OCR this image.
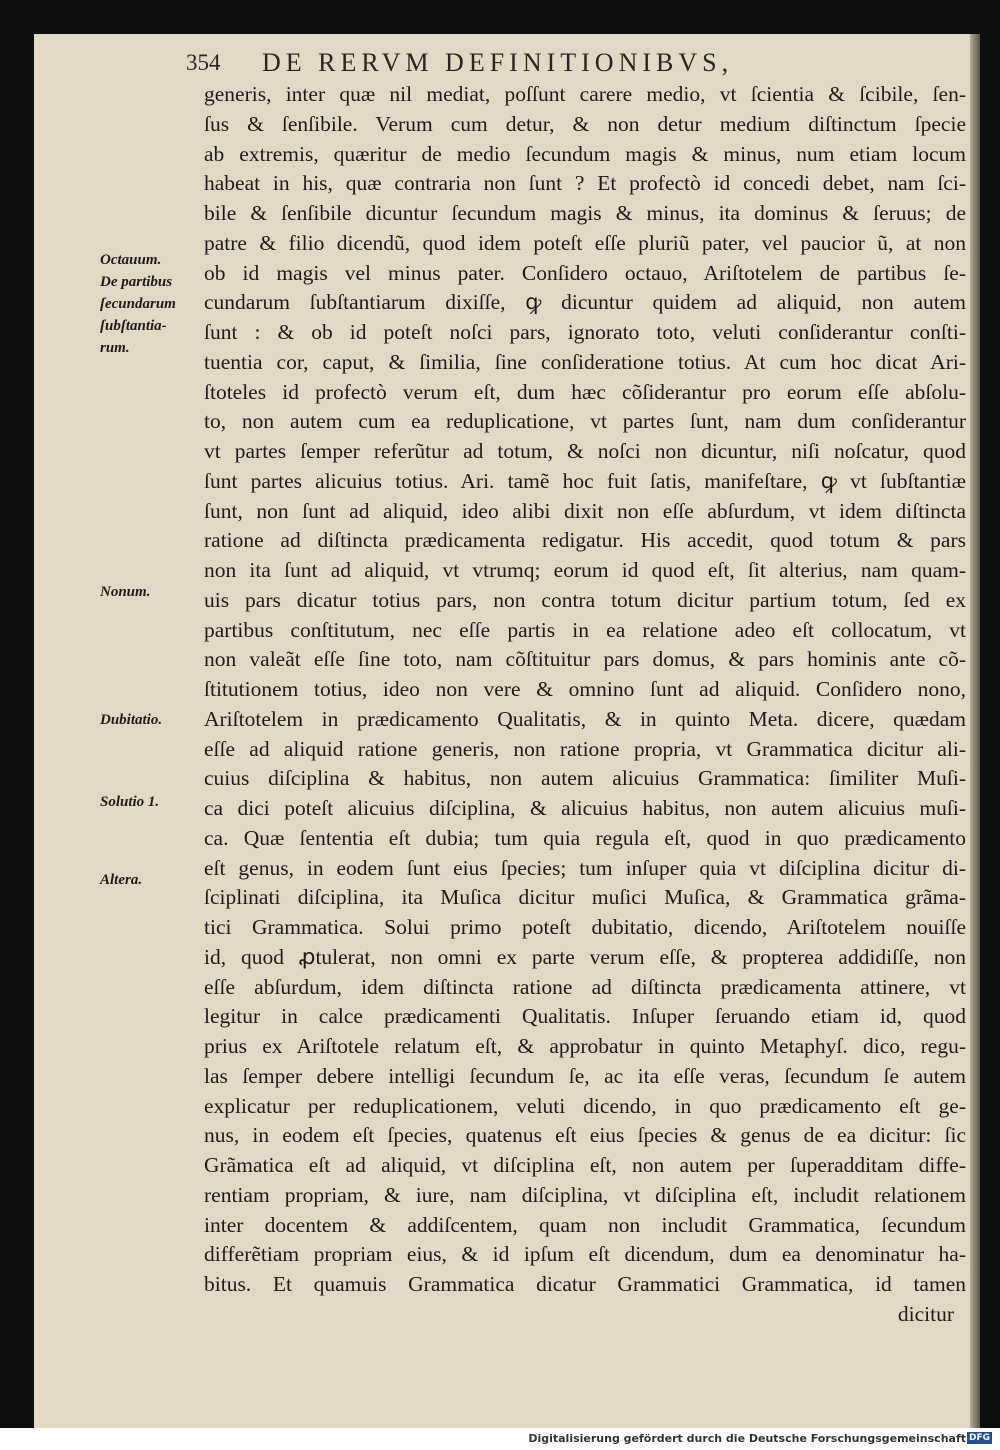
354 DE RERVM DEFINITIONIBVS,
Octauum.
De partibus
ſecundarum
ſubſtantia-
rum.
Nonum.
Dubitatio.
Solutio 1.
Altera.
generis, inter quæ nil mediat, poſſunt carere medio, vt ſcientia & ſcibile, ſen-
ſus & ſenſibile. Verum cum detur, & non detur medium diſtinctum ſpecie
ab extremis, quæritur de medio ſecundum magis & minus, num etiam locum
habeat in his, quæ contraria non ſunt ? Et profectò id concedi debet, nam ſci-
bile & ſenſibile dicuntur ſecundum magis & minus, ita dominus & ſeruus; de
patre & filio dicendũ, quod idem poteſt eſſe pluriũ pater, vel paucior ũ, at non
ob id magis vel minus pater. Conſidero octauo, Ariſtotelem de partibus ſe-
cundarum ſubſtantiarum dixiſſe, ꝙ dicuntur quidem ad aliquid, non autem
ſunt : & ob id poteſt noſci pars, ignorato toto, veluti conſiderantur conſti-
tuentia cor, caput, & ſimilia, ſine conſideratione totius. At cum hoc dicat Ari-
ſtoteles id profectò verum eſt, dum hæc cõſiderantur pro eorum eſſe abſolu-
to, non autem cum ea reduplicatione, vt partes ſunt, nam dum conſiderantur
vt partes ſemper referũtur ad totum, & noſci non dicuntur, niſi noſcatur, quod
ſunt partes alicuius totius. Ari. tamẽ hoc fuit ſatis, manifeſtare, ꝙ vt ſubſtantiæ
ſunt, non ſunt ad aliquid, ideo alibi dixit non eſſe abſurdum, vt idem diſtincta
ratione ad diſtincta prædicamenta redigatur. His accedit, quod totum & pars
non ita ſunt ad aliquid, vt vtrumq; eorum id quod eſt, ſit alterius, nam quam-
uis pars dicatur totius pars, non contra totum dicitur partium totum, ſed ex
partibus conſtitutum, nec eſſe partis in ea relatione adeo eſt collocatum, vt
non valeãt eſſe ſine toto, nam cõſtituitur pars domus, & pars hominis ante cõ-
ſtitutionem totius, ideo non vere & omnino ſunt ad aliquid. Conſidero nono,
Ariſtotelem in prædicamento Qualitatis, & in quinto Meta. dicere, quædam
eſſe ad aliquid ratione generis, non ratione propria, vt Grammatica dicitur ali-
cuius diſciplina & habitus, non autem alicuius Grammatica: ſimiliter Muſi-
ca dici poteſt alicuius diſciplina, & alicuius habitus, non autem alicuius muſi-
ca. Quæ ſententia eſt dubia; tum quia regula eſt, quod in quo prædicamento
eſt genus, in eodem ſunt eius ſpecies; tum inſuper quia vt diſciplina dicitur di-
ſciplinati diſciplina, ita Muſica dicitur muſici Muſica, & Grammatica grãma-
tici Grammatica. Solui primo poteſt dubitatio, dicendo, Ariſtotelem nouiſſe
id, quod ꝓtulerat, non omni ex parte verum eſſe, & propterea addidiſſe, non
eſſe abſurdum, idem diſtincta ratione ad diſtincta prædicamenta attinere, vt
legitur in calce prædicamenti Qualitatis. Inſuper ſeruando etiam id, quod
prius ex Ariſtotele relatum eſt, & approbatur in quinto Metaphyſ. dico, regu-
las ſemper debere intelligi ſecundum ſe, ac ita eſſe veras, ſecundum ſe autem
explicatur per reduplicationem, veluti dicendo, in quo prædicamento eſt ge-
nus, in eodem eſt ſpecies, quatenus eſt eius ſpecies & genus de ea dicitur: ſic
Grãmatica eſt ad aliquid, vt diſciplina eſt, non autem per ſuperadditam diffe-
rentiam propriam, & iure, nam diſciplina, vt diſciplina eſt, includit relationem
inter docentem & addiſcentem, quam non includit Grammatica, ſecundum
differẽtiam propriam eius, & id ipſum eſt dicendum, dum ea denominatur ha-
bitus. Et quamuis Grammatica dicatur Grammatici Grammatica, id tamen
dicitur
Digitalisierung gefördert durch die Deutsche Forschungsgemeinschaft DFG
